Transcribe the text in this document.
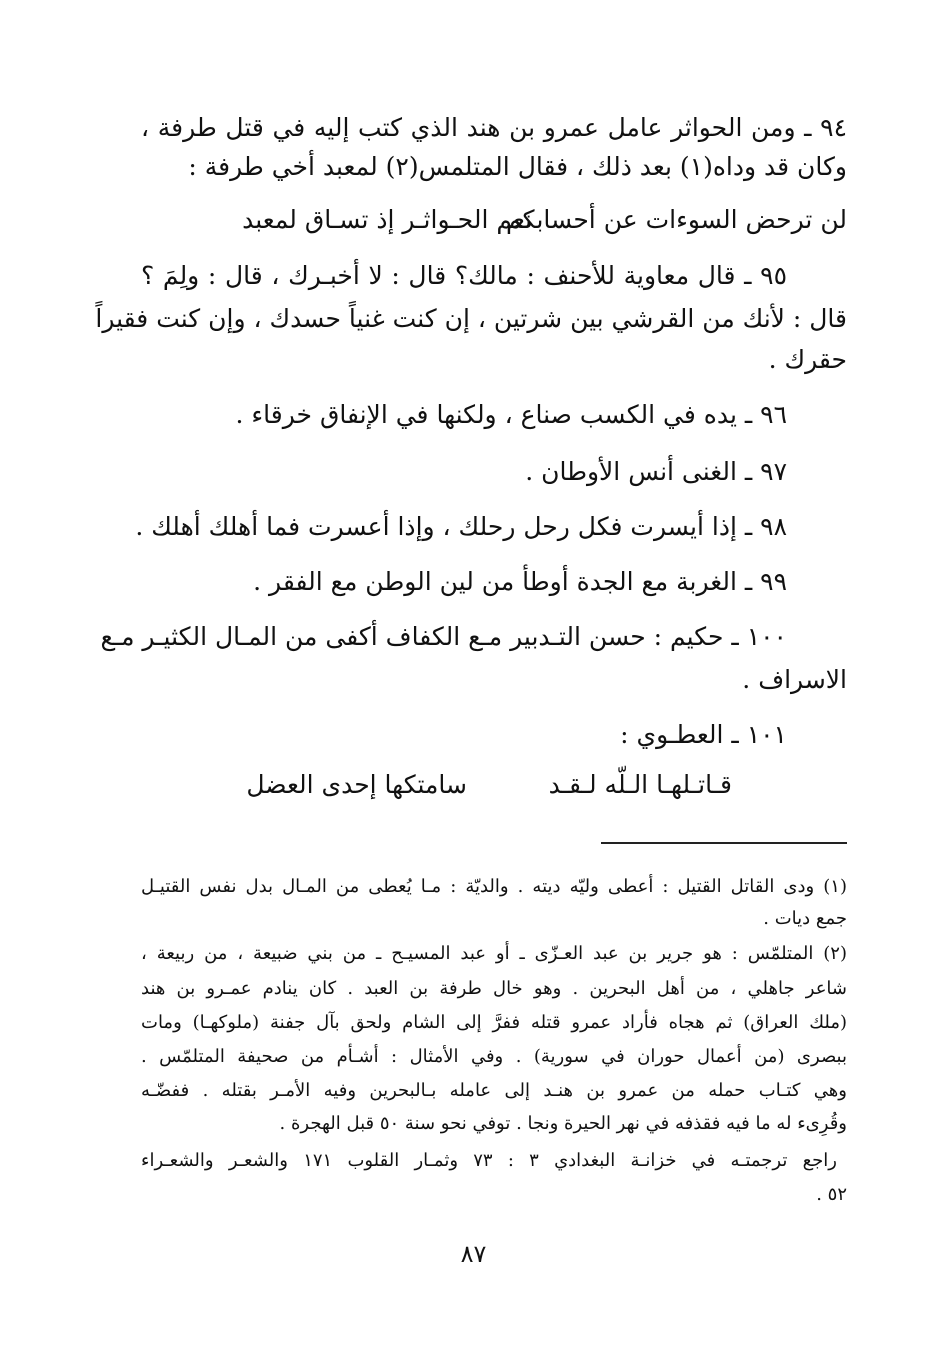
٩٤ ـ ومن الحواثر عامل عمرو بن هند الذي كتب إليه في قتل طرفة ،
وكان قد وداه(١) بعد ذلك ، فقال المتلمس(٢) لمعبد أخي طرفة :
لن ترحض السوءات عن أحسابكم
نعم الحـواثـر إذ تسـاق لمعبد
٩٥ ـ قال معاوية للأحنف : مالك؟ قال : لا أخبـرك ، قال : ولِمَ ؟
قال : لأنك من القرشي بين شرتين ، إن كنت غنياً حسدك ، وإن كنت فقيراً
حقرك .
٩٦ ـ يده في الكسب صناع ، ولكنها في الإنفاق خرقاء .
٩٧ ـ الغنى أنس الأوطان .
٩٨ ـ إذا أيسرت فكل رحل رحلك ، وإذا أعسرت فما أهلك أهلك .
٩٩ ـ الغربة مع الجدة أوطأ من لين الوطن مع الفقر .
١٠٠ ـ حكيم : حسن التـدبير مـع الكفاف أكفى من المـال الكثيـر مـع
الاسراف .
١٠١ ـ العطـوي :
قـاتـلهـا الـلّه لـقـد
سامتكها إحدى العضل
(١) ودى القاتل القتيل : أعطى وليّه ديته . والديّة : مـا يُعطى من المـال بدل نفس القتيـل
جمع ديات .
(٢) المتلمّس : هو جرير بن عبد العـزّى ـ أو عبد المسيـح ـ من بني ضبيعة ، من ربيعة ،
شاعر جاهلي ، من أهل البحرين . وهو خال طرفة بن العبد . كان ينادم عمـرو بن هند
(ملك العراق) ثم هجاه فأراد عمرو قتله ففرَّ إلى الشام ولحق بآل جفنة (ملوكهـا) ومات
ببصرى (من أعمال حوران في سورية) . وفي الأمثال : أشـأم من صحيفة المتلمّس .
وهي كتـاب حمله من عمرو بن هنـد إلى عامله بـالبحرين وفيه الأمـر بقتله . ففضّـه
وقُرِىء له ما فيه فقذفه في نهر الحيرة ونجا . توفي نحو سنة ٥٠ قبل الهجرة .
راجع ترجمتـه في خزانـة البغدادي ٣ : ٧٣ وثمـار القلوب ١٧١ والشعـر والشعـراء
٥٢ .
٨٧
